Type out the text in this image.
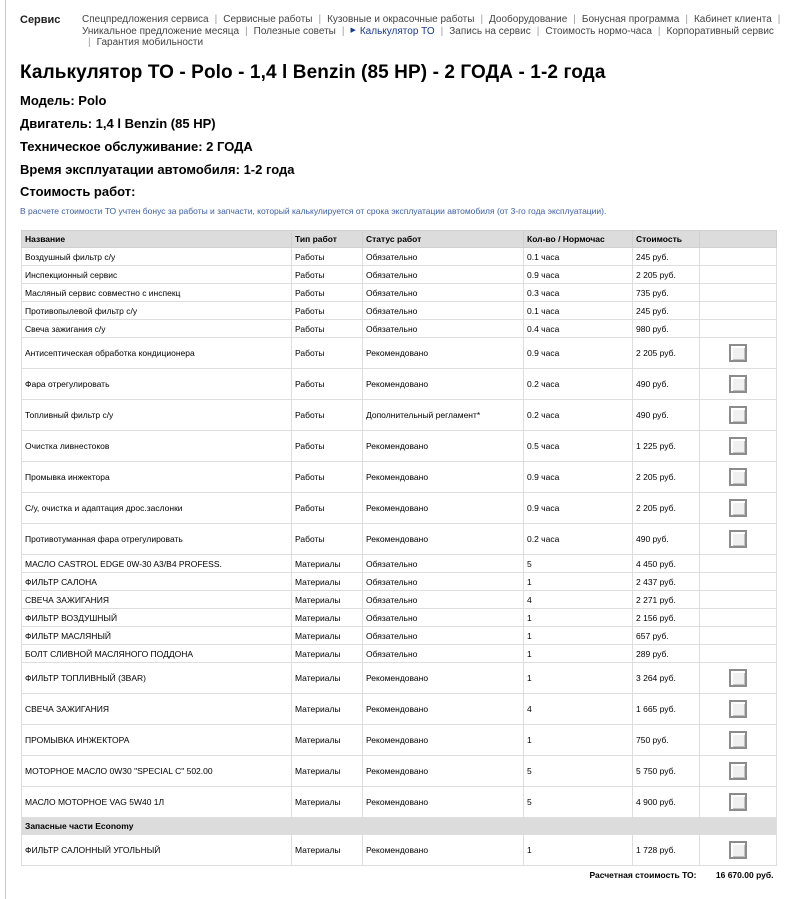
Сервис Спецпредложения сервиса | Сервисные работы | Кузовные и окрасочные работы | Дооборудование | Бонусная программа | Кабинет клиента |Уникальное предложение месяца | Полезные советы | ▶ Калькулятор ТО | Запись на сервис | Стоимость нормо-часа | Корпоративный сервис| Гарантия мобильности
Калькулятор ТО - Polo - 1,4 l Benzin (85 HP) - 2 ГОДА - 1-2 года

Модель: Polo

Двигатель: 1,4 l Benzin (85 HP)

Техническое обслуживание: 2 ГОДА

Время эксплуатации автомобиля: 1-2 года

Стоимость работ:

В расчете стоимости ТО учтен бонус за работы и запчасти, который калькулируется от срока эксплуатации автомобиля (от 3-го года эксплуатации).
Название	Тип работ	Статус работ	Кол-во / Нормочас	Стоимость	
Воздушный фильтр с/у	Работы	Обязательно	0.1 часа	245 руб.	
Инспекционный сервис	Работы	Обязательно	0.9 часа	2 205 руб.	
Масляный сервис совместно с инспекц	Работы	Обязательно	0.3 часа	735 руб.	
Противопылевой фильтр с/у	Работы	Обязательно	0.1 часа	245 руб.	
Свеча зажигания с/у	Работы	Обязательно	0.4 часа	980 руб.	
Антисептическая обработка кондиционера	Работы	Рекомендовано	0.9 часа	2 205 руб.	
Фара отрегулировать	Работы	Рекомендовано	0.2 часа	490 руб.	
Топливный фильтр с/у	Работы	Дополнительный регламент*	0.2 часа	490 руб.	
Очистка ливнестоков	Работы	Рекомендовано	0.5 часа	1 225 руб.	
Промывка инжектора	Работы	Рекомендовано	0.9 часа	2 205 руб.	
С/у, очистка и адаптация дрос.заслонки	Работы	Рекомендовано	0.9 часа	2 205 руб.	
Противотуманная фара отрегулировать	Работы	Рекомендовано	0.2 часа	490 руб.	
МАСЛО CASTROL EDGE 0W-30 A3/B4 PROFESS.	Материалы	Обязательно	5	4 450 руб.	
ФИЛЬТР САЛОНА	Материалы	Обязательно	1	2 437 руб.	
СВЕЧА ЗАЖИГАНИЯ	Материалы	Обязательно	4	2 271 руб.	
ФИЛЬТР ВОЗДУШНЫЙ	Материалы	Обязательно	1	2 156 руб.	
ФИЛЬТР МАСЛЯНЫЙ	Материалы	Обязательно	1	657 руб.	
БОЛТ СЛИВНОЙ МАСЛЯНОГО ПОДДОНА	Материалы	Обязательно	1	289 руб.	
ФИЛЬТР ТОПЛИВНЫЙ (3BAR)	Материалы	Рекомендовано	1	3 264 руб.	
СВЕЧА ЗАЖИГАНИЯ	Материалы	Рекомендовано	4	1 665 руб.	
ПРОМЫВКА ИНЖЕКТОРА	Материалы	Рекомендовано	1	750 руб.	
МОТОРНОЕ МАСЛО 0W30 "SPECIAL C" 502.00	Материалы	Рекомендовано	5	5 750 руб.	
МАСЛО МОТОРНОЕ VAG 5W40 1Л	Материалы	Рекомендовано	5	4 900 руб.	
Запасные части Economy					
ФИЛЬТР САЛОННЫЙ УГОЛЬНЫЙ	Материалы	Рекомендовано	1	1 728 руб.	
Расчетная стоимость ТО:					16 670.00 руб.
